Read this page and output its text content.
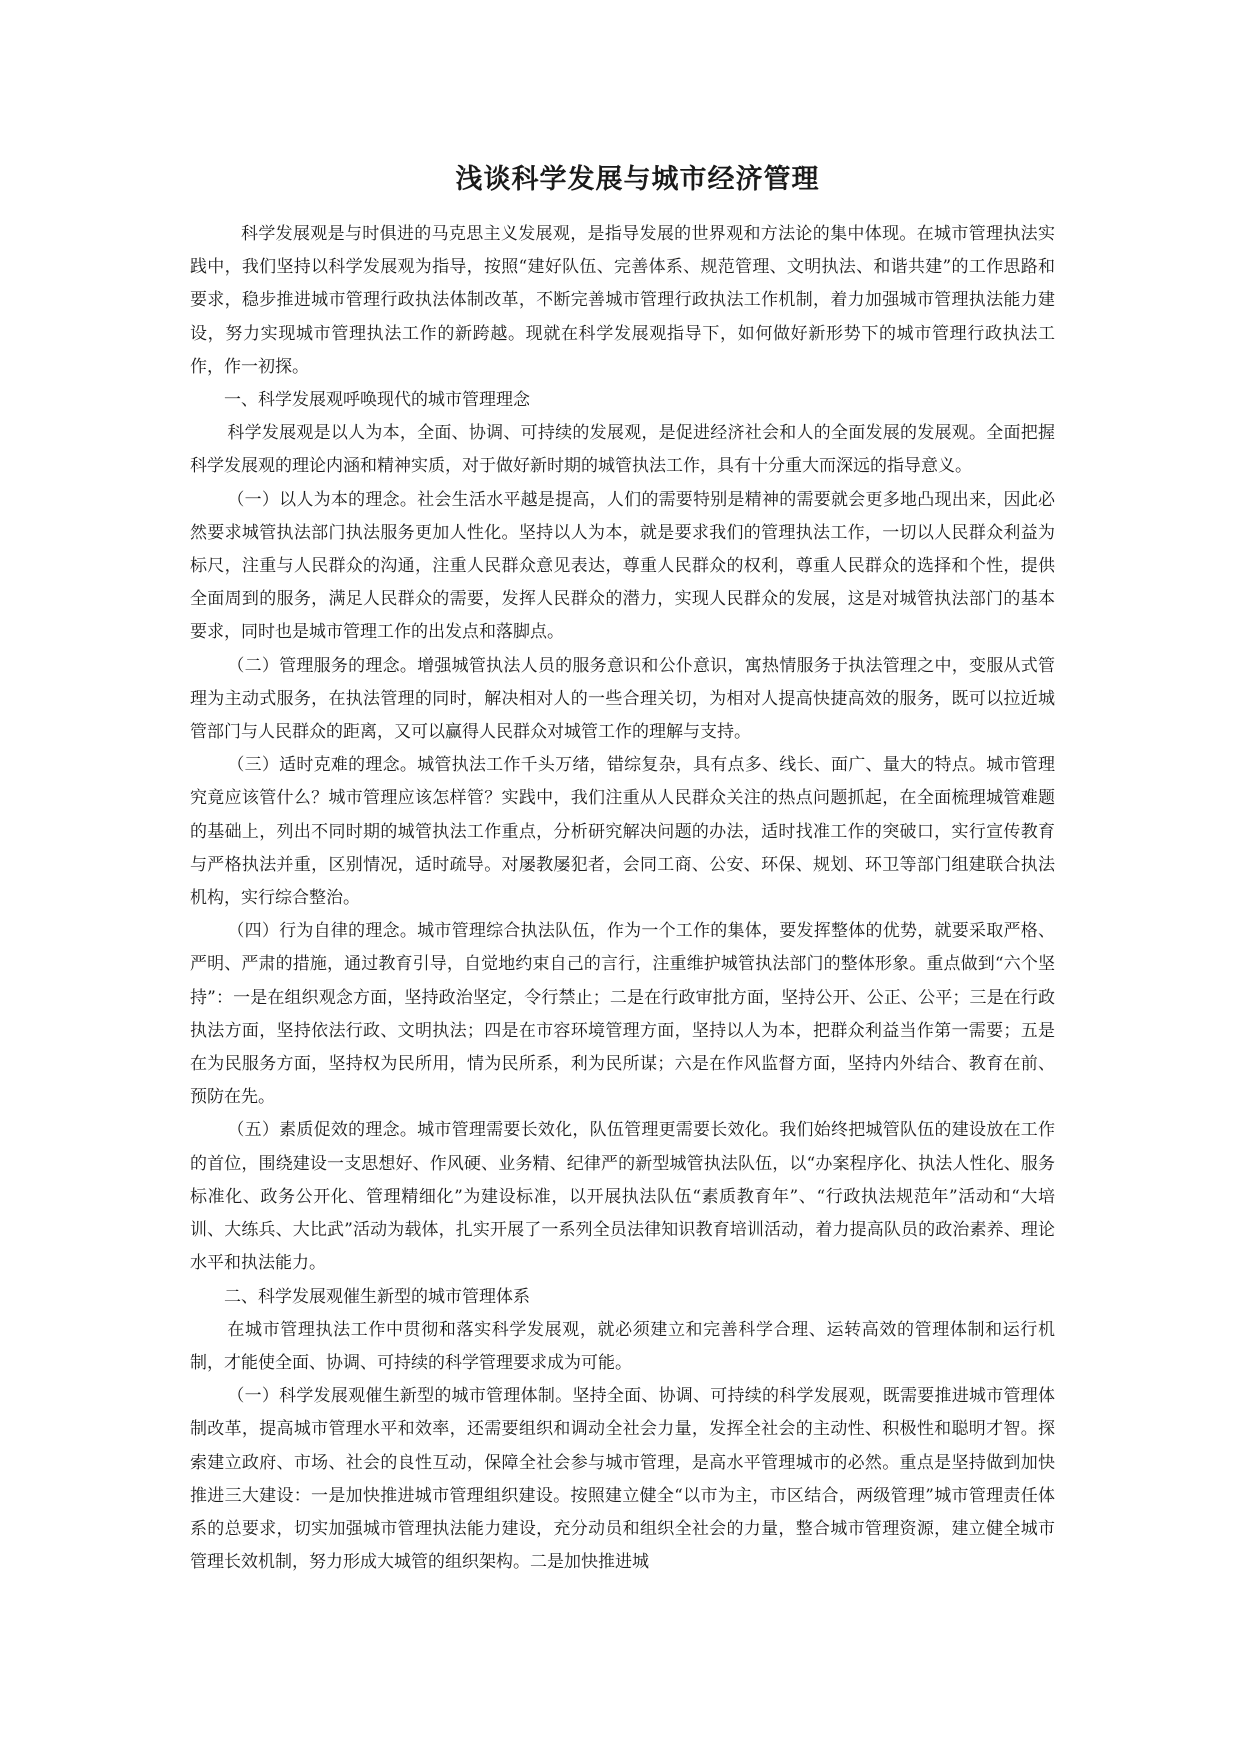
浅谈科学发展与城市经济管理

科学发展观是与时俱进的马克思主义发展观，是指导发展的世界观和方法论的集中体现。在城市管理执法实践中，我们坚持以科学发展观为指导，按照“建好队伍、完善体系、规范管理、文明执法、和谐共建”的工作思路和要求，稳步推进城市管理行政执法体制改革，不断完善城市管理行政执法工作机制，着力加强城市管理执法能力建设，努力实现城市管理执法工作的新跨越。现就在科学发展观指导下，如何做好新形势下的城市管理行政执法工作，作一初探。

一、科学发展观呼唤现代的城市管理理念

科学发展观是以人为本，全面、协调、可持续的发展观，是促进经济社会和人的全面发展的发展观。全面把握科学发展观的理论内涵和精神实质，对于做好新时期的城管执法工作，具有十分重大而深远的指导意义。

（一）以人为本的理念。社会生活水平越是提高，人们的需要特别是精神的需要就会更多地凸现出来，因此必然要求城管执法部门执法服务更加人性化。坚持以人为本，就是要求我们的管理执法工作，一切以人民群众利益为标尺，注重与人民群众的沟通，注重人民群众意见表达，尊重人民群众的权利，尊重人民群众的选择和个性，提供全面周到的服务，满足人民群众的需要，发挥人民群众的潜力，实现人民群众的发展，这是对城管执法部门的基本要求，同时也是城市管理工作的出发点和落脚点。

（二）管理服务的理念。增强城管执法人员的服务意识和公仆意识，寓热情服务于执法管理之中，变服从式管理为主动式服务，在执法管理的同时，解决相对人的一些合理关切，为相对人提高快捷高效的服务，既可以拉近城管部门与人民群众的距离，又可以赢得人民群众对城管工作的理解与支持。

（三）适时克难的理念。城管执法工作千头万绪，错综复杂，具有点多、线长、面广、量大的特点。城市管理究竟应该管什么？城市管理应该怎样管？实践中，我们注重从人民群众关注的热点问题抓起，在全面梳理城管难题的基础上，列出不同时期的城管执法工作重点，分析研究解决问题的办法，适时找准工作的突破口，实行宣传教育与严格执法并重，区别情况，适时疏导。对屡教屡犯者，会同工商、公安、环保、规划、环卫等部门组建联合执法机构，实行综合整治。

（四）行为自律的理念。城市管理综合执法队伍，作为一个工作的集体，要发挥整体的优势，就要采取严格、严明、严肃的措施，通过教育引导，自觉地约束自己的言行，注重维护城管执法部门的整体形象。重点做到“六个坚持”：一是在组织观念方面，坚持政治坚定，令行禁止；二是在行政审批方面，坚持公开、公正、公平；三是在行政执法方面，坚持依法行政、文明执法；四是在市容环境管理方面，坚持以人为本，把群众利益当作第一需要；五是在为民服务方面，坚持权为民所用，情为民所系，利为民所谋；六是在作风监督方面，坚持内外结合、教育在前、预防在先。

（五）素质促效的理念。城市管理需要长效化，队伍管理更需要长效化。我们始终把城管队伍的建设放在工作的首位，围绕建设一支思想好、作风硬、业务精、纪律严的新型城管执法队伍，以“办案程序化、执法人性化、服务标准化、政务公开化、管理精细化”为建设标准，以开展执法队伍“素质教育年”、“行政执法规范年”活动和“大培训、大练兵、大比武”活动为载体，扎实开展了一系列全员法律知识教育培训活动，着力提高队员的政治素养、理论水平和执法能力。

二、科学发展观催生新型的城市管理体系

在城市管理执法工作中贯彻和落实科学发展观，就必须建立和完善科学合理、运转高效的管理体制和运行机制，才能使全面、协调、可持续的科学管理要求成为可能。

（一）科学发展观催生新型的城市管理体制。坚持全面、协调、可持续的科学发展观，既需要推进城市管理体制改革，提高城市管理水平和效率，还需要组织和调动全社会力量，发挥全社会的主动性、积极性和聪明才智。探索建立政府、市场、社会的良性互动，保障全社会参与城市管理，是高水平管理城市的必然。重点是坚持做到加快推进三大建设：一是加快推进城市管理组织建设。按照建立健全“以市为主，市区结合，两级管理”城市管理责任体系的总要求，切实加强城市管理执法能力建设，充分动员和组织全社会的力量，整合城市管理资源，建立健全城市管理长效机制，努力形成大城管的组织架构。二是加快推进城
